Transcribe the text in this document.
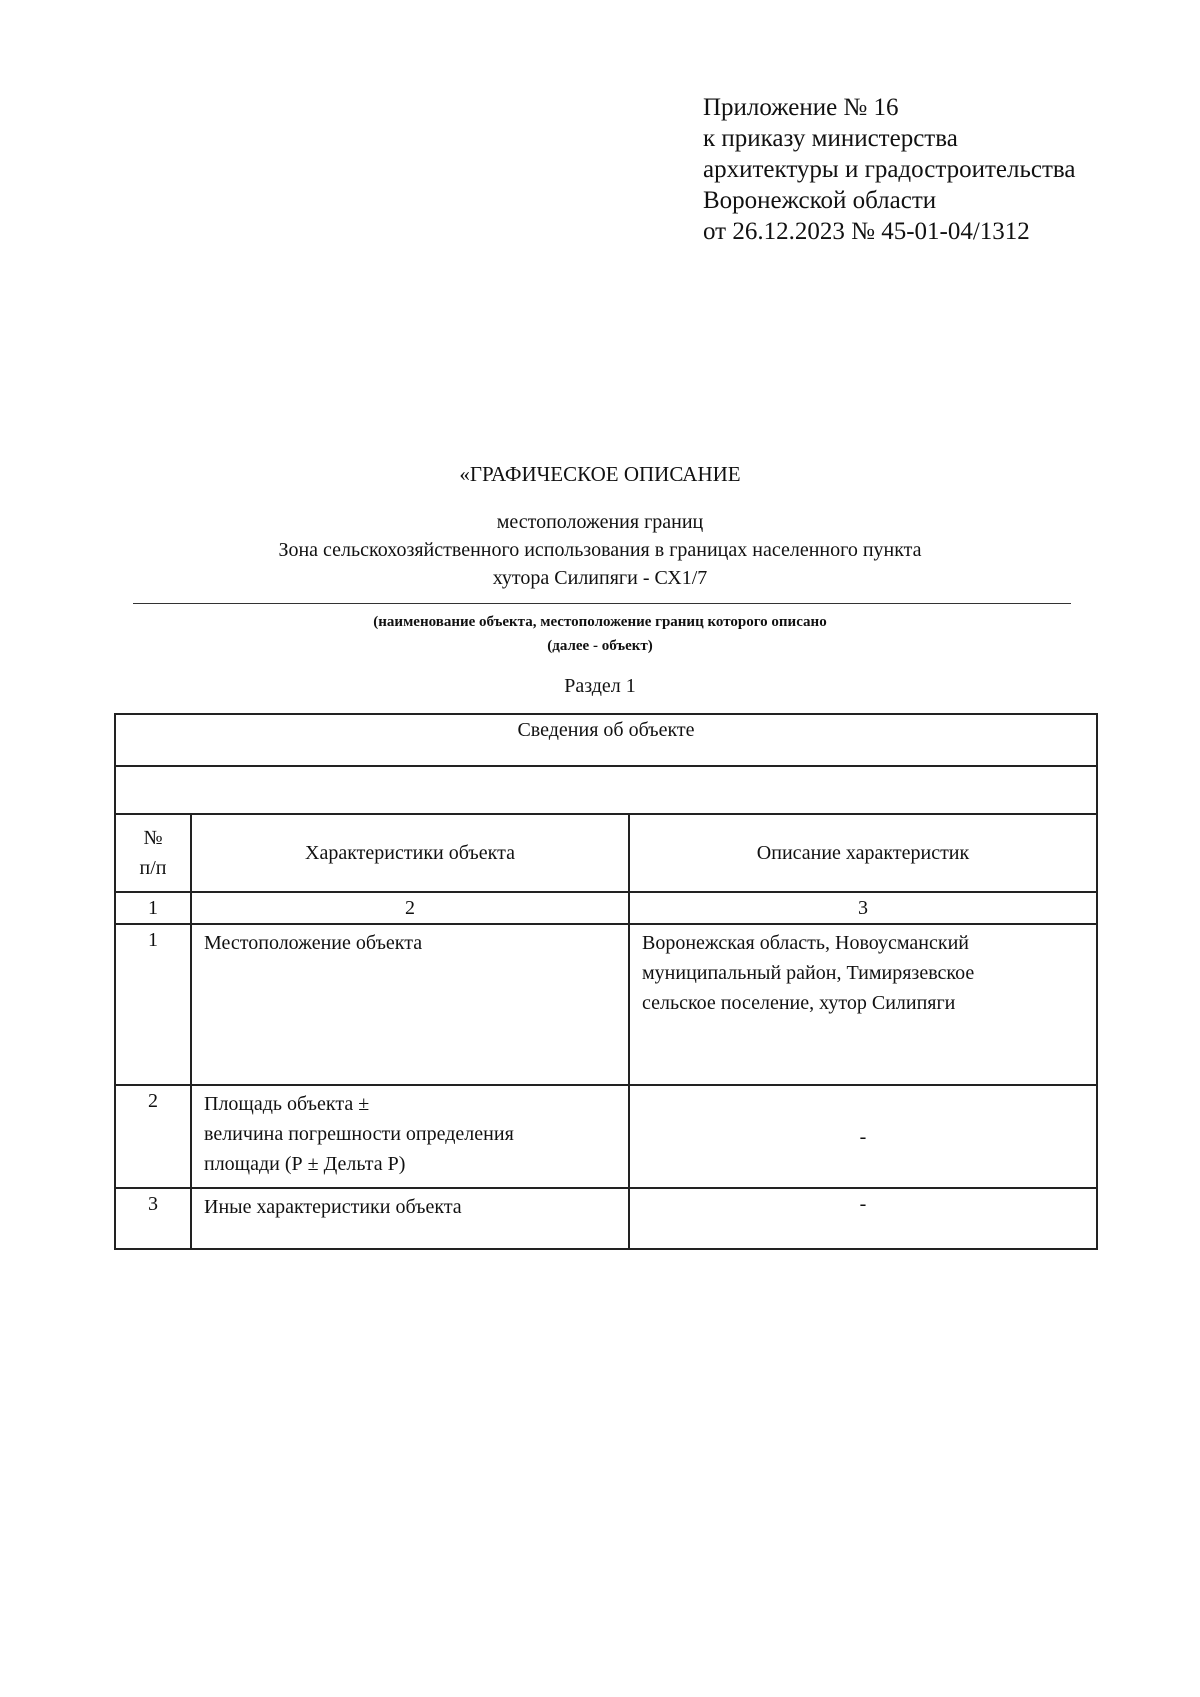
Приложение № 16
к приказу министерства
архитектуры и градостроительства
Воронежской области
от 26.12.2023 № 45-01-04/1312
«ГРАФИЧЕСКОЕ ОПИСАНИЕ
местоположения границ
Зона сельскохозяйственного использования в границах населенного пункта
хутора Силипяги - СХ1/7
(наименование объекта, местоположение границ которого описано
(далее - объект)
Раздел 1
Сведения об объекте		

№
п/п	Характеристики объекта	Описание характеристик
1	2	3
1	Местоположение объекта	Воронежская область, Новоусманский
муниципальный район, Тимирязевское
сельское поселение, хутор Силипяги

2	Площадь объекта ±
величина погрешности определения
площади (Р ± Дельта Р)	-
3	Иные характеристики объекта	-
